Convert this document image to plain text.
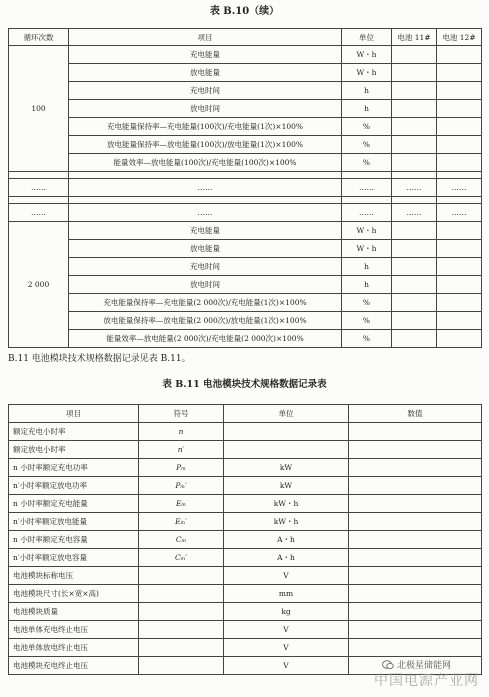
表 B.10（续）
循环次数	项目	单位	电池 11#	电池 12#
100	充电能量	W・h		
	放电能量	W・h		
	充电时间	h		
	放电时间	h		
	充电能量保持率—充电能量(100次)/充电能量(1次)×100%	%		
	放电能量保持率—放电能量(100次)/放电能量(1次)×100%	%		
	能量效率—放电能量(100次)/充电能量(100次)×100%	%		

……	……	……	……	……

……	……	……	……	……
2 000	充电能量	W・h		
	放电能量	W・h		
	充电时间	h		
	放电时间	h		
	充电能量保持率—充电能量(2 000次)/充电能量(1次)×100%	%		
	放电能量保持率—放电能量(2 000次)/放电能量(1次)×100%	%		
	能量效率—放电能量(2 000次)/充电能量(2 000次)×100%	%		
B.11 电池模块技术规格数据记录见表 B.11。
表 B.11 电池模块技术规格数据记录表
项目	符号	单位	数值
额定充电小时率	n		
额定放电小时率	n′		
n 小时率额定充电功率	Pₘ	kW	
n′小时率额定放电功率	Pₘ′	kW	
n 小时率额定充电能量	Eₘ	kW・h	
n′小时率额定放电能量	Eₘ′	kW・h	
n 小时率额定充电容量	Cₘ	A・h	
n′小时率额定放电容量	Cₘ′	A・h	
电池模块标称电压		V	
电池模块尺寸(长×宽×高)		mm	
电池模块质量		kg	
电池单体充电终止电压		V	
电池单体放电终止电压		V	
电池模块充电终止电压		V		北极星储能网
中国电源产业网
